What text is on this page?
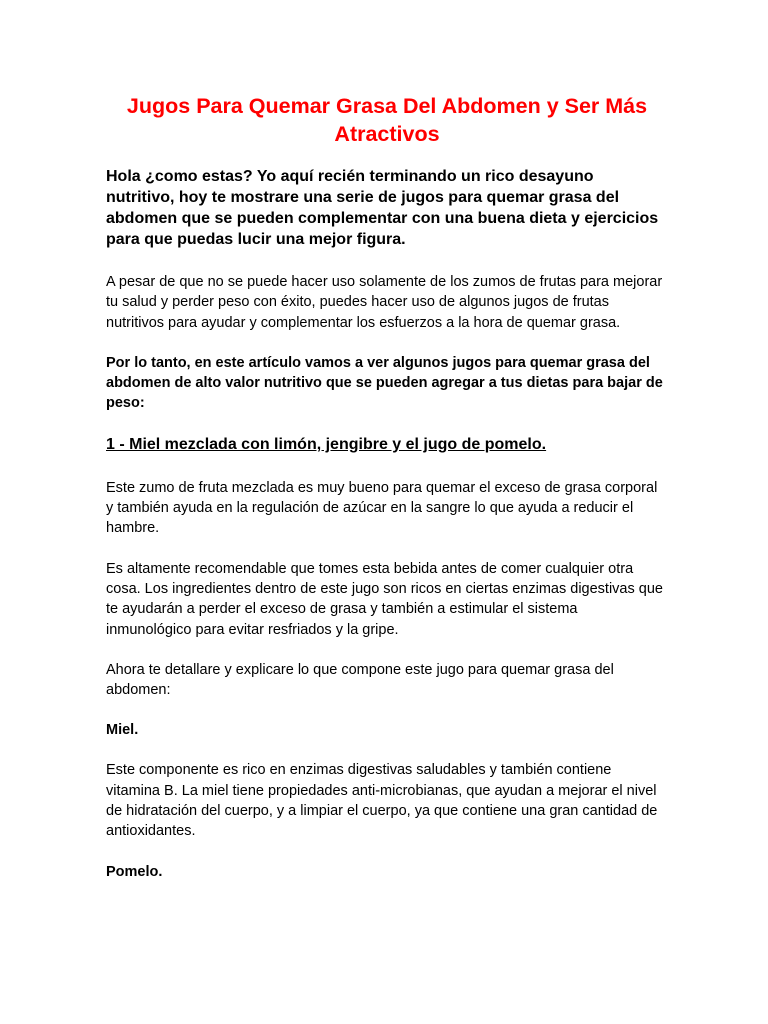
Jugos Para Quemar Grasa Del Abdomen y Ser Más Atractivos

Hola ¿como estas? Yo aquí recién terminando un rico desayuno nutritivo, hoy te mostrare una serie de jugos para quemar grasa del abdomen que se pueden complementar con una buena dieta y ejercicios para que puedas lucir una mejor figura.

A pesar de que no se puede hacer uso solamente de los zumos de frutas para mejorar tu salud y perder peso con éxito, puedes hacer uso de algunos jugos de frutas nutritivos para ayudar y complementar los esfuerzos a la hora de quemar grasa.

Por lo tanto, en este artículo vamos a ver algunos jugos para quemar grasa del abdomen de alto valor nutritivo que se pueden agregar a tus dietas para bajar de peso:

1 - Miel mezclada con limón, jengibre y el jugo de pomelo.

Este zumo de fruta mezclada es muy bueno para quemar el exceso de grasa corporal y también ayuda en la regulación de azúcar en la sangre lo que ayuda a reducir el hambre.

Es altamente recomendable que tomes esta bebida antes de comer cualquier otra cosa. Los ingredientes dentro de este jugo son ricos en ciertas enzimas digestivas que te ayudarán a perder el exceso de grasa y también a estimular el sistema inmunológico para evitar resfriados y la gripe.

Ahora te detallare y explicare lo que compone este jugo para quemar grasa del abdomen:

Miel.

Este componente es rico en enzimas digestivas saludables y también contiene vitamina B. La miel tiene propiedades anti-microbianas, que ayudan a mejorar el nivel de hidratación del cuerpo, y a limpiar el cuerpo, ya que contiene una gran cantidad de antioxidantes.

Pomelo.
